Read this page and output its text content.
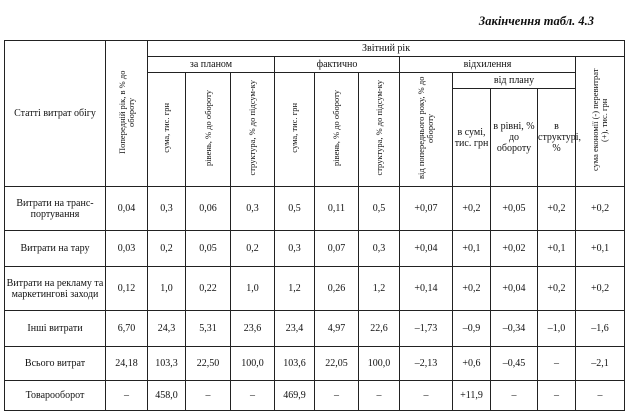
Закінчення табл. 4.3
Статті витрат обігу	Попередній рік, в % до обороту	Звітний рік										
		за планом			фактично			відхилення				сума економії (-) перевитрат (+), тис. грн
		сума, тис. грн	рівень, % до обороту	структура, % до підсум-ку	сума, тис. грн	рівень, % до обороту	структура, % до підсум-ку	від попереднього року, % до обороту	від плану			
									в сумі, тис. грн	в рівні, % до обороту	в структурі, %	
Витрати на транс-портування	0,04	0,3	0,06	0,3	0,5	0,11	0,5	+0,07	+0,2	+0,05	+0,2	+0,2
Витрати на тару	0,03	0,2	0,05	0,2	0,3	0,07	0,3	+0,04	+0,1	+0,02	+0,1	+0,1
Витрати на рекламу та маркетингові заходи	0,12	1,0	0,22	1,0	1,2	0,26	1,2	+0,14	+0,2	+0,04	+0,2	+0,2
Інші витрати	6,70	24,3	5,31	23,6	23,4	4,97	22,6	–1,73	–0,9	–0,34	–1,0	–1,6
Всього витрат	24,18	103,3	22,50	100,0	103,6	22,05	100,0	–2,13	+0,6	–0,45	–	–2,1
Товарооборот	–	458,0	–	–	469,9	–	–	–	+11,9	–	–	–
